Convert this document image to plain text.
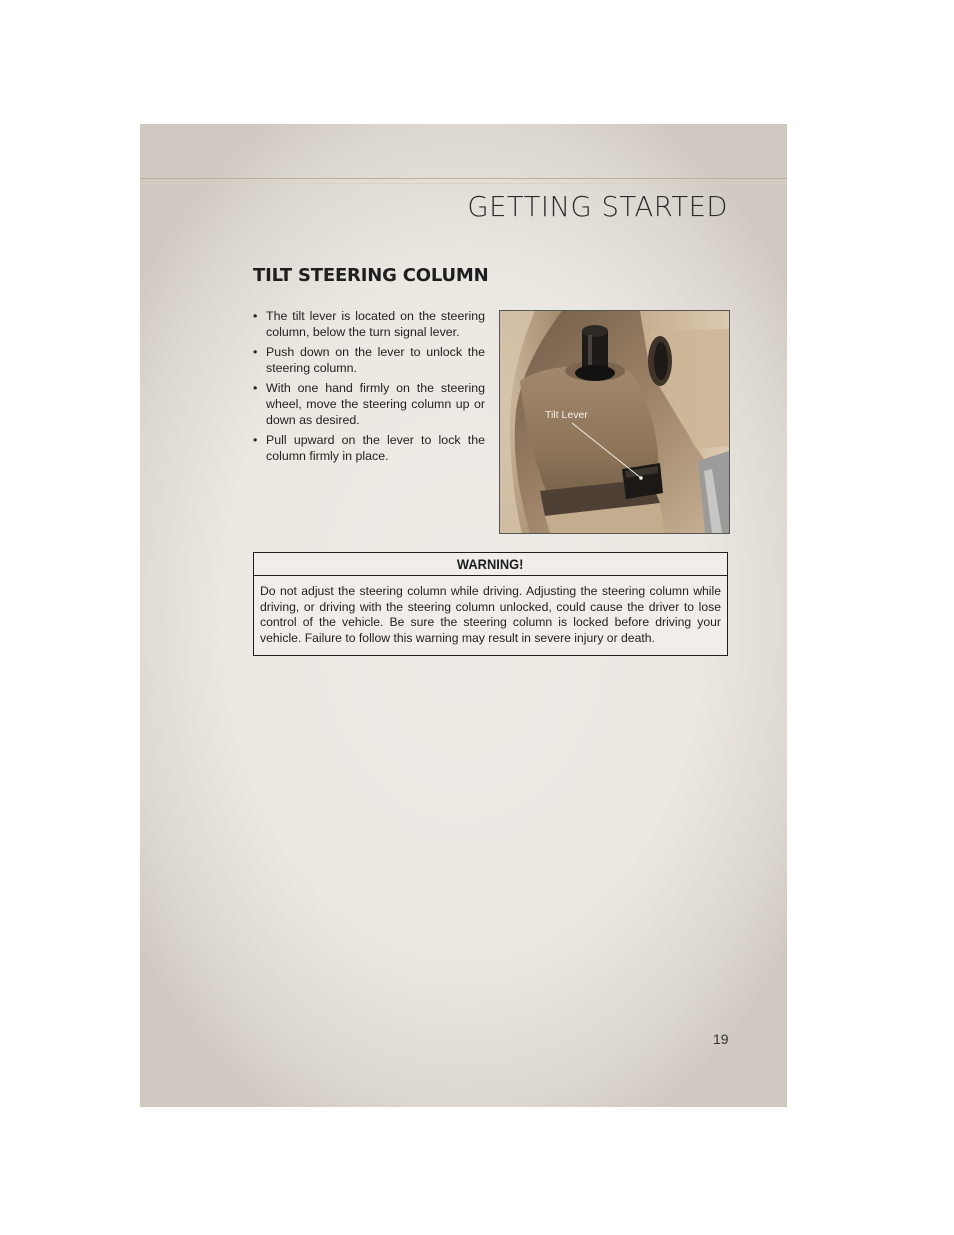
GETTING STARTED
TILT STEERING COLUMN
• The tilt lever is located on the steering column, below the turn signal lever.
• Push down on the lever to unlock the steering column.
• With one hand firmly on the steering wheel, move the steering column up or down as desired.
• Pull upward on the lever to lock the column firmly in place.
Tilt Lever
WARNING!
Do not adjust the steering column while driving. Adjusting the steering column while driving, or driving with the steering column unlocked, could cause the driver to lose control of the vehicle. Be sure the steering column is locked before driving your vehicle. Failure to follow this warning may result in severe injury or death.
19
